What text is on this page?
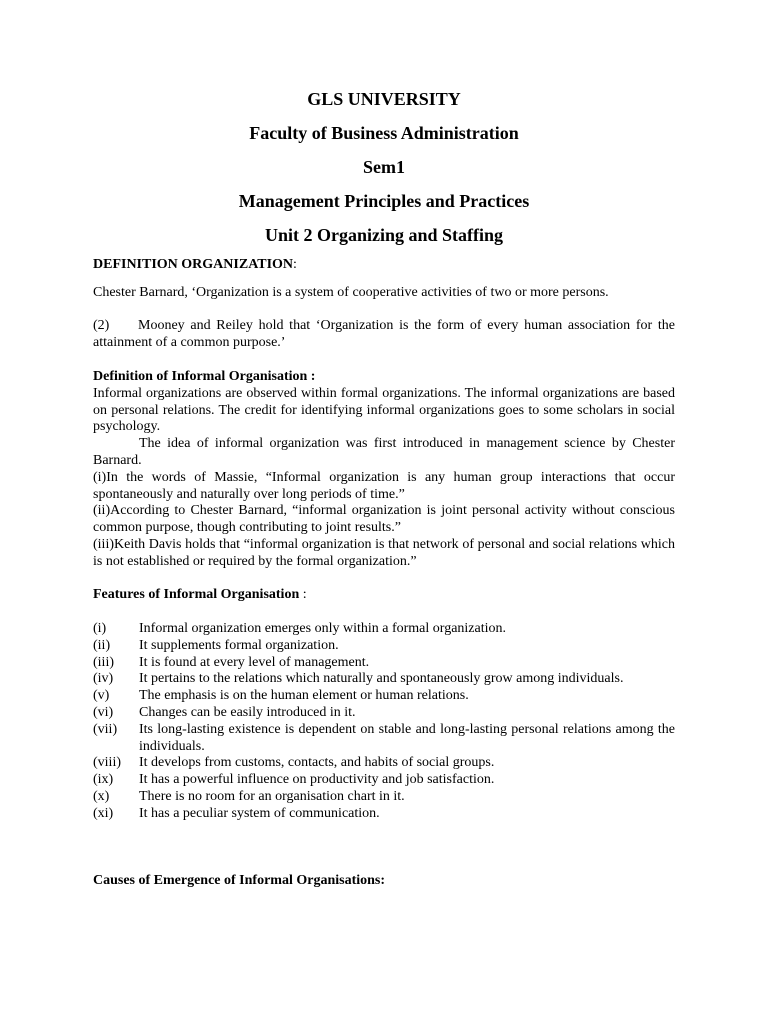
GLS UNIVERSITY
Faculty of Business Administration
Sem1
Management Principles and Practices
Unit 2 Organizing and Staffing
DEFINITION ORGANIZATION:
Chester Barnard, ‘Organization is a system of cooperative activities of two or more persons.
(2) Mooney and Reiley hold that ‘Organization is the form of every human association for the attainment of a common purpose.’
Definition of Informal Organisation :
Informal organizations are observed within formal organizations. The informal organizations are based on personal relations. The credit for identifying informal organizations goes to some scholars in social psychology.
The idea of informal organization was first introduced in management science by Chester Barnard.
(i)In the words of Massie, “Informal organization is any human group interactions that occur spontaneously and naturally over long periods of time.”
(ii)According to Chester Barnard, “informal organization is joint personal activity without conscious common purpose, though contributing to joint results.”
(iii)Keith Davis holds that “informal organization is that network of personal and social relations which is not established or required by the formal organization.”
Features of Informal Organisation :
(i)	Informal organization emerges only within a formal organization.
(ii)	It supplements formal organization.
(iii)	It is found at every level of management.
(iv)	It pertains to the relations which naturally and spontaneously grow among individuals.
(v)	The emphasis is on the human element or human relations.
(vi)	Changes can be easily introduced in it.
(vii)	Its long-lasting existence is dependent on stable and long-lasting personal relations among the individuals.
(viii)	It develops from customs, contacts, and habits of social groups.
(ix)	It has a powerful influence on productivity and job satisfaction.
(x)	There is no room for an organisation chart in it.
(xi)	It has a peculiar system of communication.
Causes of Emergence of Informal Organisations:
